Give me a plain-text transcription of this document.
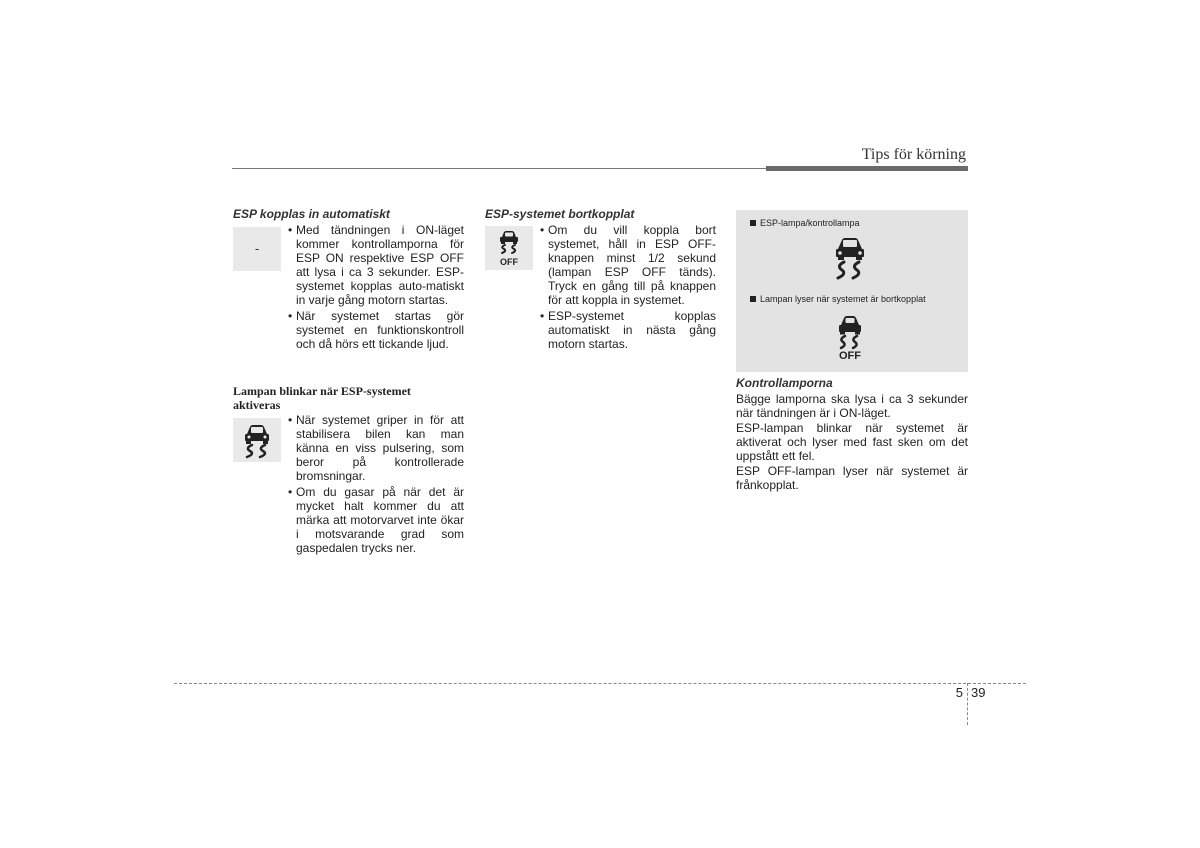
Tips för körning
ESP kopplas in automatiskt
-
• Med tändningen i ON-läget kommer kontrollamporna för ESP ON respektive ESP OFF att lysa i ca 3 sekunder. ESP-systemet kopplas auto-matiskt in varje gång motorn startas.
• När systemet startas gör systemet en funktionskontroll och då hörs ett tickande ljud.
Lampan blinkar när ESP-systemet aktiveras
• När systemet griper in för att stabilisera bilen kan man känna en viss pulsering, som beror på kontrollerade bromsningar.
• Om du gasar på när det är mycket halt kommer du att märka att motorvarvet inte ökar i motsvarande grad som gaspedalen trycks ner.
ESP-systemet bortkopplat
OFF
• Om du vill koppla bort systemet, håll in ESP OFF-knappen minst 1/2 sekund (lampan ESP OFF tänds). Tryck en gång till på knappen för att koppla in systemet.
• ESP-systemet kopplas automatiskt in nästa gång motorn startas.
ESP-lampa/kontrollampa
Lampan lyser när systemet är bortkopplat
OFF
Kontrollamporna
Bägge lamporna ska lysa i ca 3 sekunder när tändningen är i ON-läget.
ESP-lampan blinkar när systemet är aktiverat och lyser med fast sken om det uppstått ett fel.
ESP OFF-lampan lyser när systemet är frånkopplat.
5 39
